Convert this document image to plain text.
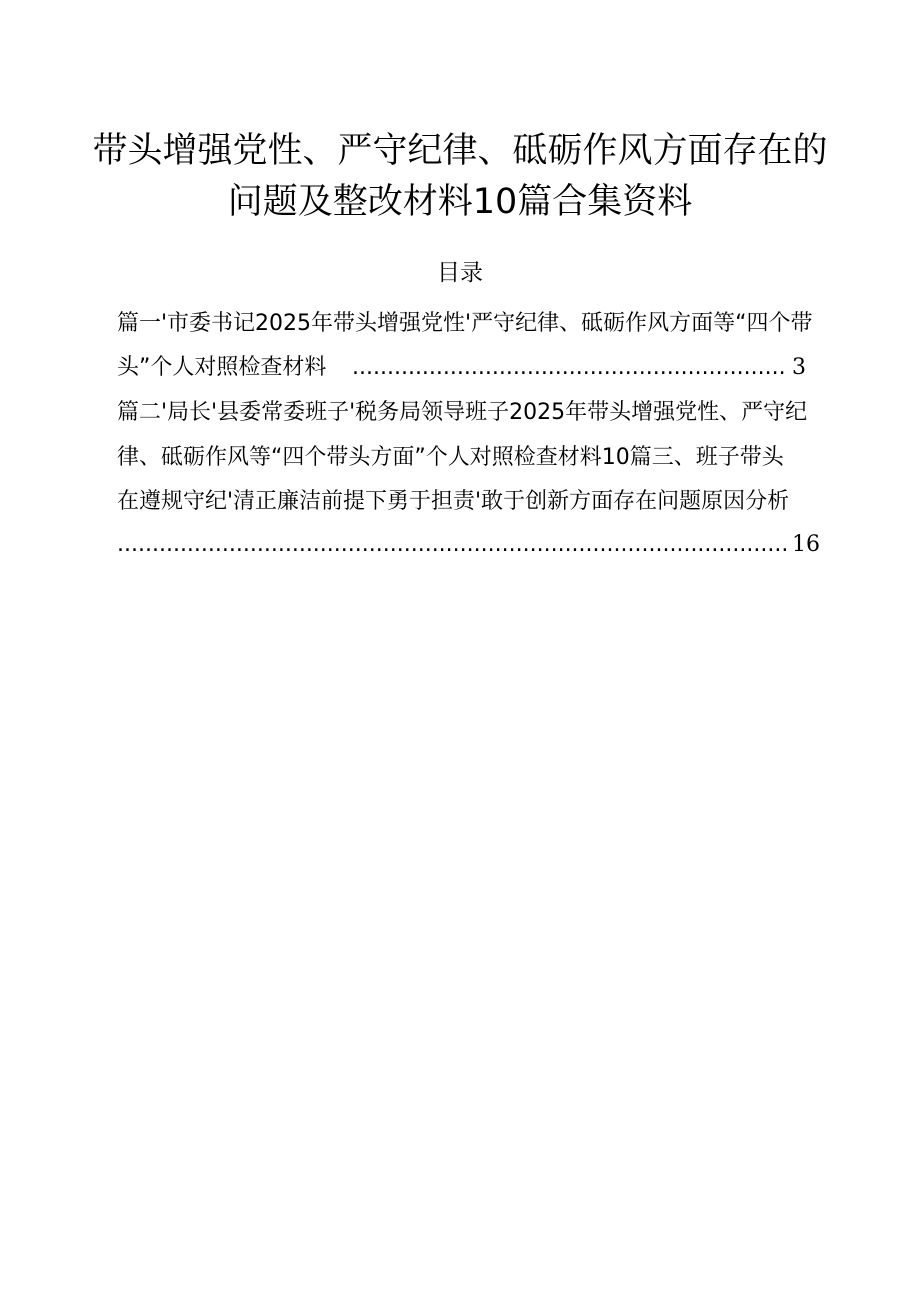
带头增强党性、严守纪律、砥砺作风方面存在的
问题及整改材料10篇合集资料
目录
篇一'市委书记2025年带头增强党性'严守纪律、砥砺作风方面等“四个带
头”个人对照检查材料
.....	3
篇二'局长'县委常委班子'税务局领导班子2025年带头增强党性、严守纪
律、砥砺作风等“四个带头方面”个人对照检查材料10篇三、班子带头
在遵规守纪'清正廉洁前提下勇于担责'敢于创新方面存在问题原因分析
.....
16
